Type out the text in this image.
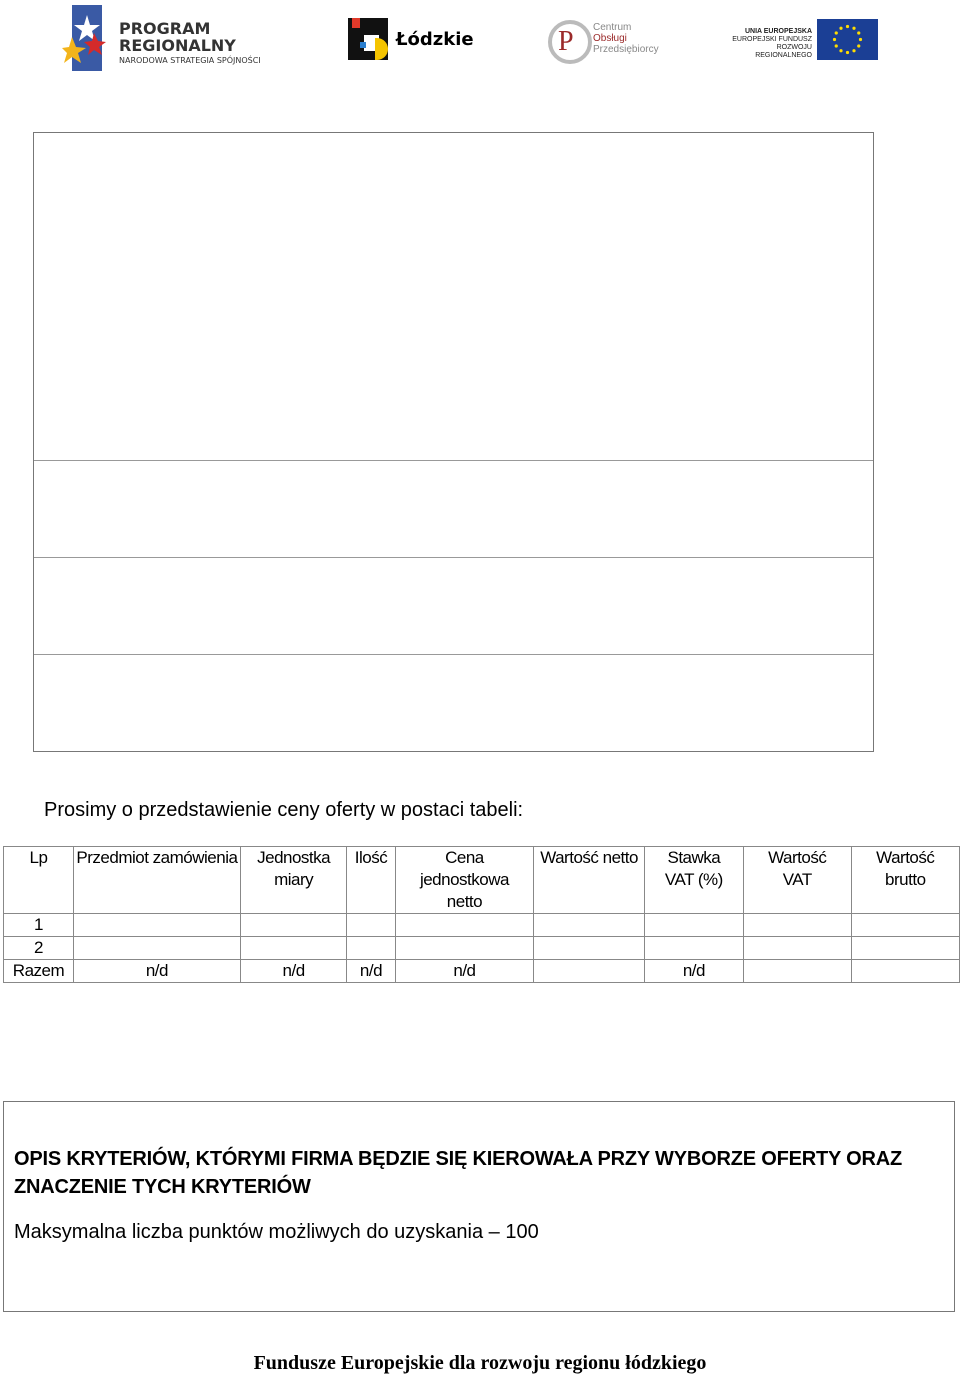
PROGRAM
REGIONALNY
NARODOWA STRATEGIA SPÓJNOŚCI
Łódzkie	P Centrum
Obsługi
Przedsiębiorcy
UNIA EUROPEJSKA
EUROPEJSKI FUNDUSZ
ROZWOJU REGIONALNEGO
Prosimy o przedstawienie ceny oferty w postaci tabeli:
Lp	Przedmiot zamówienia	Jednostka miary	Ilość	Cena jednostkowa netto	Wartość netto	Stawka VAT (%)	Wartość VAT	Wartość brutto
1								
2								
Razem	n/d	n/d	n/d	n/d		n/d		
OPIS KRYTERIÓW, KTÓRYMI FIRMA BĘDZIE SIĘ KIEROWAŁA PRZY WYBORZE OFERTY ORAZ ZNACZENIE TYCH KRYTERIÓW
Maksymalna liczba punktów możliwych do uzyskania – 100
Fundusze Europejskie dla rozwoju regionu łódzkiego
